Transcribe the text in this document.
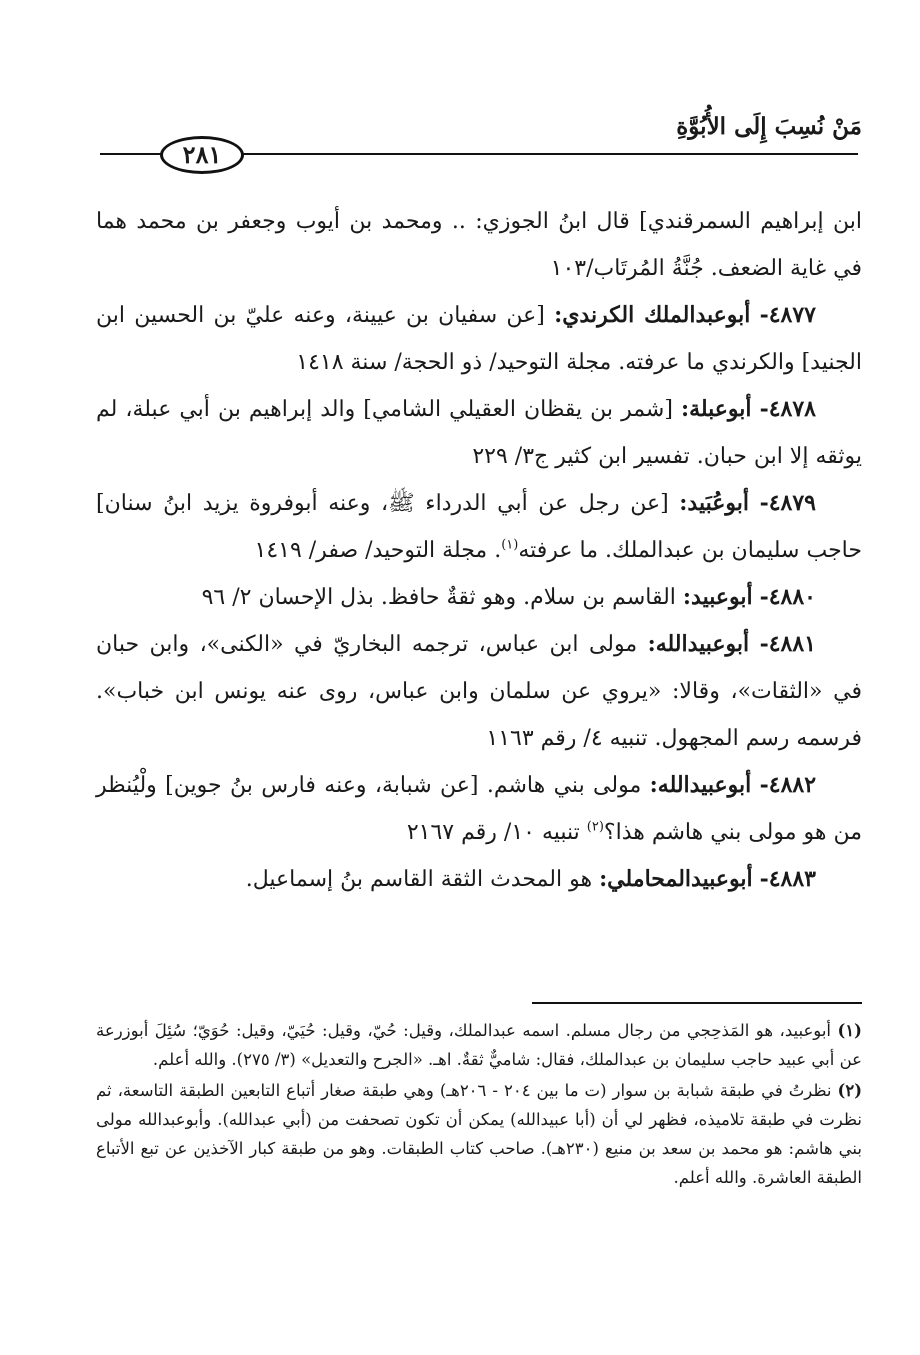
مَنْ نُسِبَ إِلَى الأُبُوَّةِ
٢٨١

ابن إبراهيم السمرقندي] قال ابنُ الجوزي: .. ومحمد بن أيوب وجعفر بن محمد هما في غاية الضعف. جُنَّةُ المُرتَاب/١٠٣

٤٨٧٧- أبوعبدالملك الكرندي: [عن سفيان بن عيينة، وعنه عليّ بن الحسين ابن الجنيد] والكرندي ما عرفته. مجلة التوحيد/ ذو الحجة/ سنة ١٤١٨

٤٨٧٨- أبوعبلة: [شمر بن يقظان العقيلي الشامي] والد إبراهيم بن أبي عبلة، لم يوثقه إلا ابن حبان. تفسير ابن كثير ج٣/ ٢٢٩

٤٨٧٩- أبوعُبَيد: [عن رجل عن أبي الدرداء ﷺ، وعنه أبوفروة يزيد ابنُ سنان] حاجب سليمان بن عبدالملك. ما عرفته$^{(١)}$. مجلة التوحيد/ صفر/ ١٤١٩

٤٨٨٠- أبوعبيد: القاسم بن سلام. وهو ثقةٌ حافظ. بذل الإحسان ٢/ ٩٦

٤٨٨١- أبوعبيدالله: مولى ابن عباس، ترجمه البخاريّ في «الكنى»، وابن حبان في «الثقات»، وقالا: «يروي عن سلمان وابن عباس، روى عنه يونس ابن خباب». فرسمه رسم المجهول. تنبيه ٤/ رقم ١١٦٣

٤٨٨٢- أبوعبيدالله: مولى بني هاشم. [عن شبابة، وعنه فارس بنُ جوين] ولْيُنظر من هو مولى بني هاشم هذا؟$^{(٢)}$ تنبيه ١٠/ رقم ٢١٦٧

٤٨٨٣- أبوعبيدالمحاملي: هو المحدث الثقة القاسم بنُ إسماعيل.

(١) أبوعبيد، هو المَذحِجي من رجال مسلم. اسمه عبدالملك، وقيل: حُيّ، وقيل: حُيَيّ، وقيل: حُوَيّ؛ سُئِلَ أبوزرعة عن أبي عبيد حاجب سليمان بن عبدالملك، فقال: شاميٌّ ثقةٌ. اهـ. «الجرح والتعديل» (٣/ ٢٧٥). والله أعلم.

(٢) نظرتُ في طبقة شبابة بن سوار (ت ما بين ٢٠٤ - ٢٠٦هـ) وهي طبقة صغار أتباع التابعين الطبقة التاسعة، ثم نظرت في طبقة تلاميذه، فظهر لي أن (أبا عبيدالله) يمكن أن تكون تصحفت من (أبي عبدالله). وأبوعبدالله مولى بني هاشم: هو محمد بن سعد بن منيع (٢٣٠هـ). صاحب كتاب الطبقات. وهو من طبقة كبار الآخذين عن تبع الأتباع الطبقة العاشرة. والله أعلم.
